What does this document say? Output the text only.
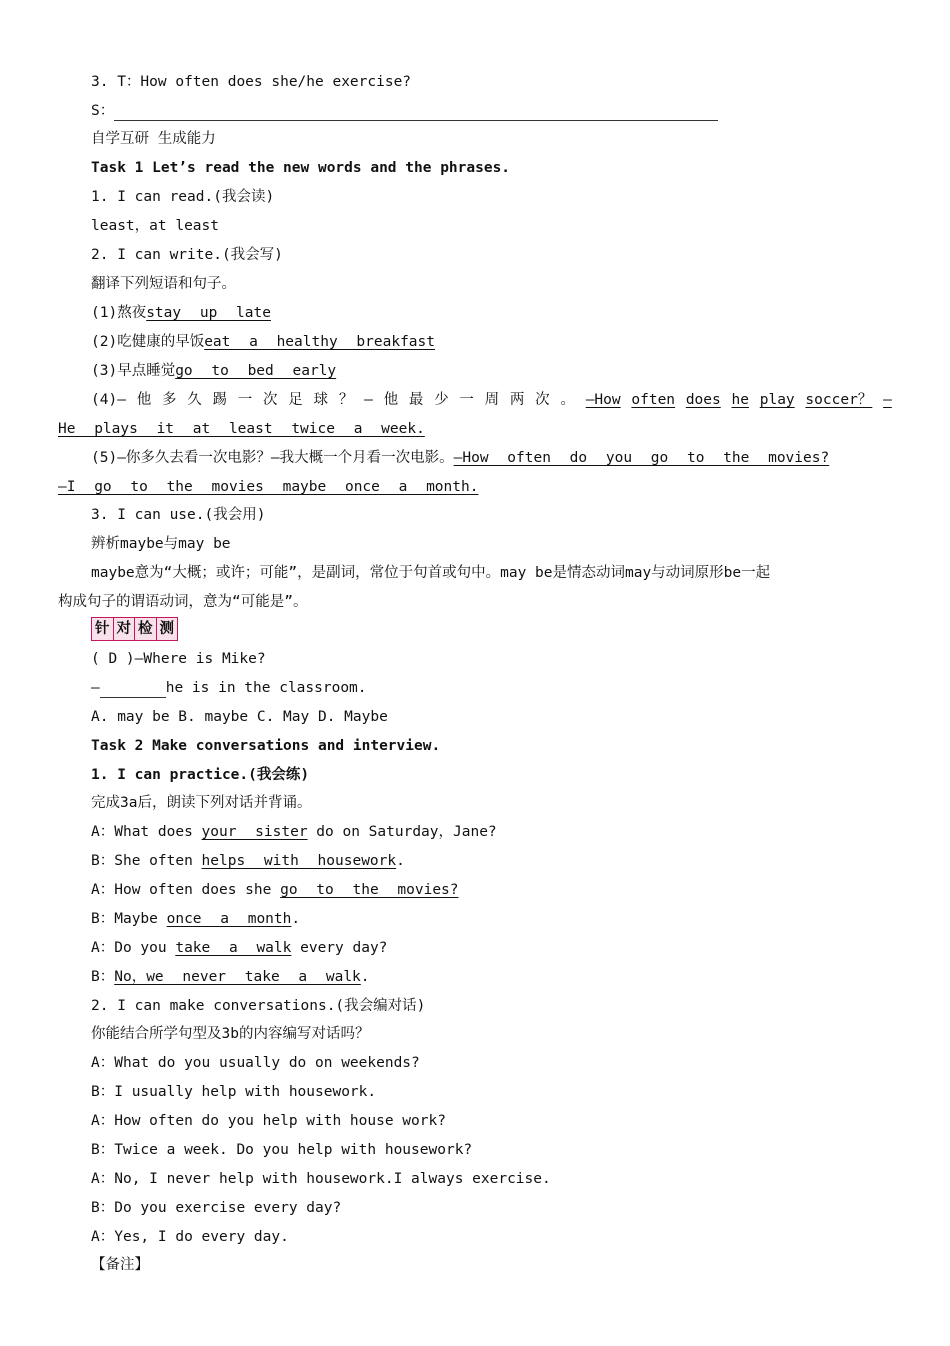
3. T：How often does she/he exercise?
S：
自学互研 生成能力
Task 1 Let’s read the new words and the phrases.
1. I can read.(我会读)
least，at least
2. I can write.(我会写)
翻译下列短语和句子。
(1)熬夜stay up late
(2)吃健康的早饭eat a healthy breakfast
(3)早点睡觉go to bed early
(4)— 他 多 久 踢 一 次 足 球 ？ — 他 最 少 一 周 两 次 。 —How often does he play soccer？ —
He plays it at least twice a week.
(5)—你多久去看一次电影？—我大概一个月看一次电影。—How often do you go to the movies?
—I go to the movies maybe once a month.
3. I can use.(我会用)
辨析maybe与may be
maybe意为“大概；或许；可能”，是副词，常位于句首或句中。may be是情态动词may与动词原形be一起
构成句子的谓语动词，意为“可能是”。
针 对 检 测
( D )—Where is Mike?
—	he is in the classroom.
A. may be B. maybe C. May D. Maybe
Task 2 Make conversations and interview.
1. I can practice.(我会练)
完成3a后，朗读下列对话并背诵。
A：What does your sister do on Saturday，Jane?
B：She often helps with housework.
A：How often does she go to the movies?
B：Maybe once a month.
A：Do you take a walk every day?
B：No，we never take a walk.
2. I can make conversations.(我会编对话)
你能结合所学句型及3b的内容编写对话吗？
A：What do you usually do on weekends?
B：I usually help with housework.
A：How often do you help with house work?
B：Twice a week. Do you help with housework?
A：No, I never help with housework.I always exercise.
B：Do you exercise every day?
A：Yes, I do every day.
【备注】
